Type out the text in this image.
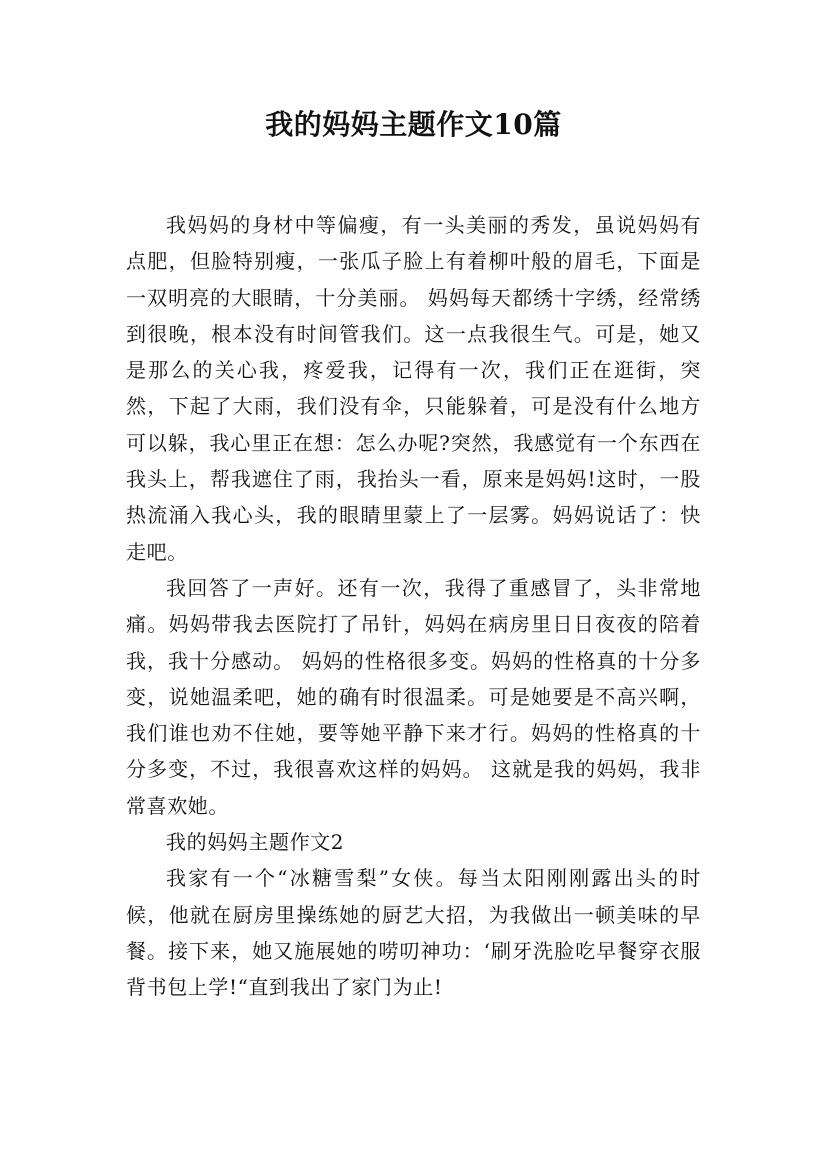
我的妈妈主题作文10篇

我妈妈的身材中等偏瘦，有一头美丽的秀发，虽说妈妈有点肥，但脸特别瘦，一张瓜子脸上有着柳叶般的眉毛，下面是一双明亮的大眼睛，十分美丽。 妈妈每天都绣十字绣，经常绣到很晚，根本没有时间管我们。这一点我很生气。可是，她又是那么的关心我，疼爱我，记得有一次，我们正在逛街，突然，下起了大雨，我们没有伞，只能躲着，可是没有什么地方可以躲，我心里正在想：怎么办呢?突然，我感觉有一个东西在我头上，帮我遮住了雨，我抬头一看，原来是妈妈!这时，一股热流涌入我心头，我的眼睛里蒙上了一层雾。妈妈说话了：快走吧。

我回答了一声好。还有一次，我得了重感冒了，头非常地痛。妈妈带我去医院打了吊针，妈妈在病房里日日夜夜的陪着我，我十分感动。 妈妈的性格很多变。妈妈的性格真的十分多变，说她温柔吧，她的确有时很温柔。可是她要是不高兴啊，我们谁也劝不住她，要等她平静下来才行。妈妈的性格真的十分多变，不过，我很喜欢这样的妈妈。 这就是我的妈妈，我非常喜欢她。

我的妈妈主题作文2

我家有一个“冰糖雪梨”女侠。每当太阳刚刚露出头的时候，他就在厨房里操练她的厨艺大招，为我做出一顿美味的早餐。接下来，她又施展她的唠叨神功：‘刷牙洗脸吃早餐穿衣服背书包上学!“直到我出了家门为止!
